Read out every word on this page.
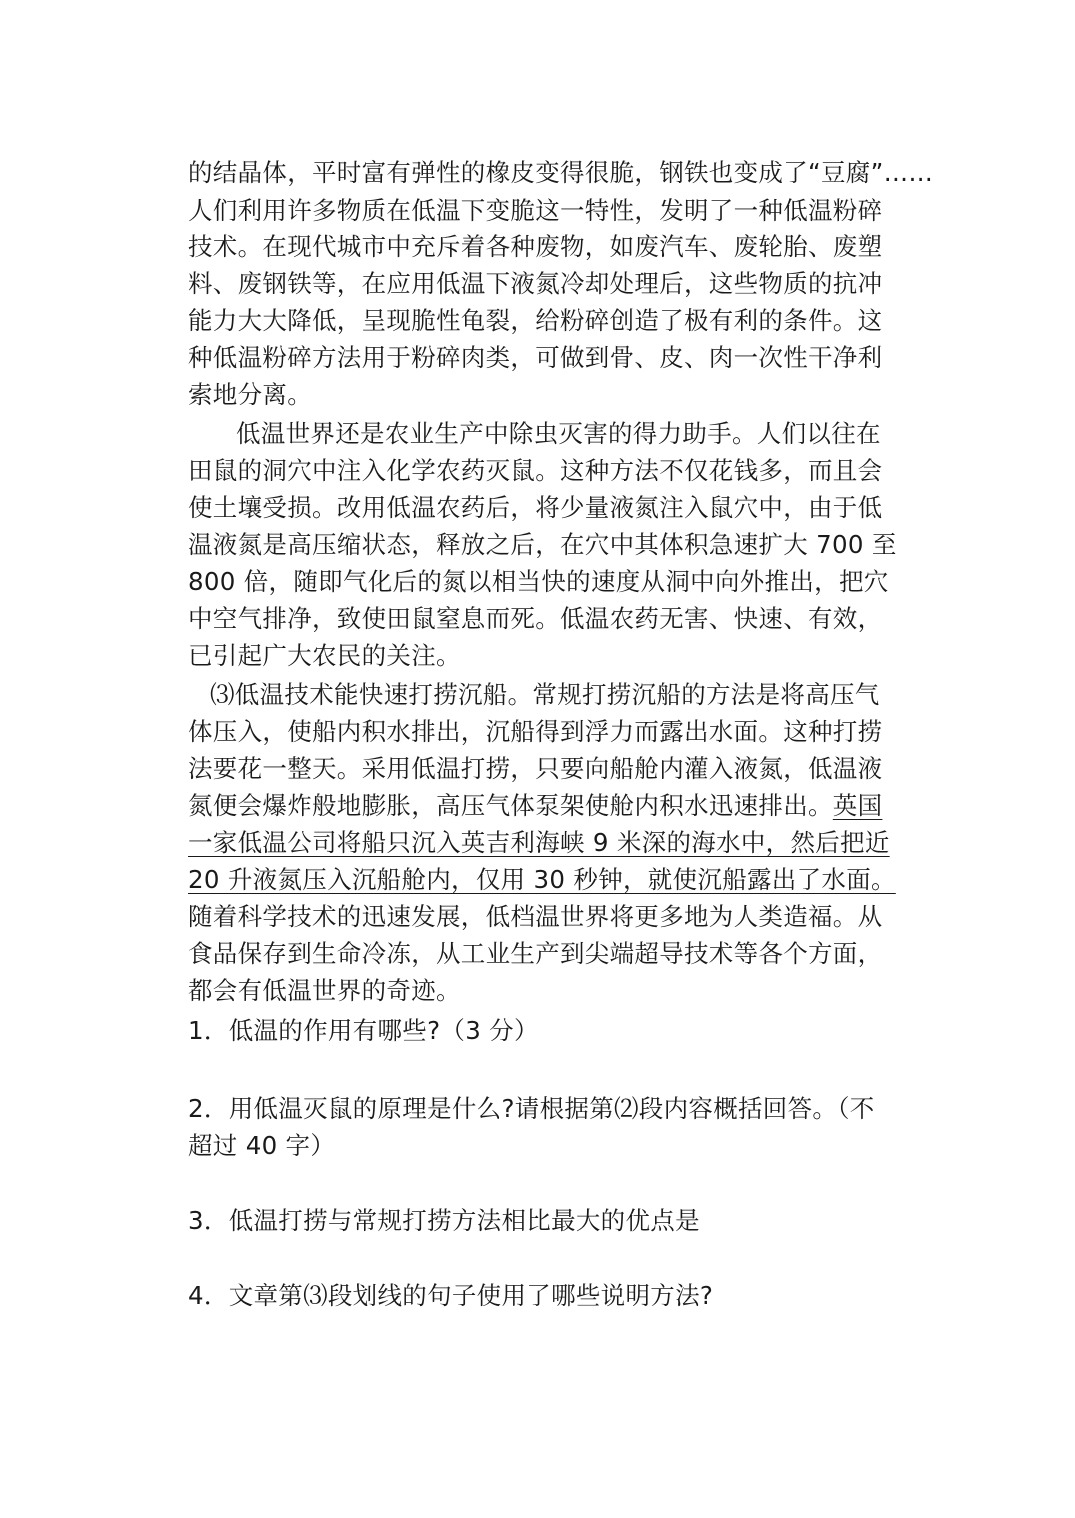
的结晶体，平时富有弹性的橡皮变得很脆，钢铁也变成了“豆腐”……
人们利用许多物质在低温下变脆这一特性，发明了一种低温粉碎
技术。在现代城市中充斥着各种废物，如废汽车、废轮胎、废塑
料、废钢铁等，在应用低温下液氮冷却处理后，这些物质的抗冲
能力大大降低，呈现脆性龟裂，给粉碎创造了极有利的条件。这
种低温粉碎方法用于粉碎肉类，可做到骨、皮、肉一次性干净利
索地分离。
低温世界还是农业生产中除虫灭害的得力助手。人们以往在
田鼠的洞穴中注入化学农药灭鼠。这种方法不仅花钱多，而且会
使土壤受损。改用低温农药后，将少量液氮注入鼠穴中，由于低
温液氮是高压缩状态，释放之后，在穴中其体积急速扩大 700 至
800 倍，随即气化后的氮以相当快的速度从洞中向外推出，把穴
中空气排净，致使田鼠窒息而死。低温农药无害、快速、有效，
已引起广大农民的关注。
⑶低温技术能快速打捞沉船。常规打捞沉船的方法是将高压气
体压入，使船内积水排出，沉船得到浮力而露出水面。这种打捞
法要花一整天。采用低温打捞，只要向船舱内灌入液氮，低温液
氮便会爆炸般地膨胀，高压气体泵架使舱内积水迅速排出。英国
一家低温公司将船只沉入英吉利海峡 9 米深的海水中，然后把近
20 升液氮压入沉船舱内，仅用 30 秒钟，就使沉船露出了水面。
随着科学技术的迅速发展，低档温世界将更多地为人类造福。从
食品保存到生命冷冻，从工业生产到尖端超导技术等各个方面，
都会有低温世界的奇迹。
1．低温的作用有哪些?（3 分）
2．用低温灭鼠的原理是什么?请根据第⑵段内容概括回答。（不
超过 40 字）
3．低温打捞与常规打捞方法相比最大的优点是
4．文章第⑶段划线的句子使用了哪些说明方法?
